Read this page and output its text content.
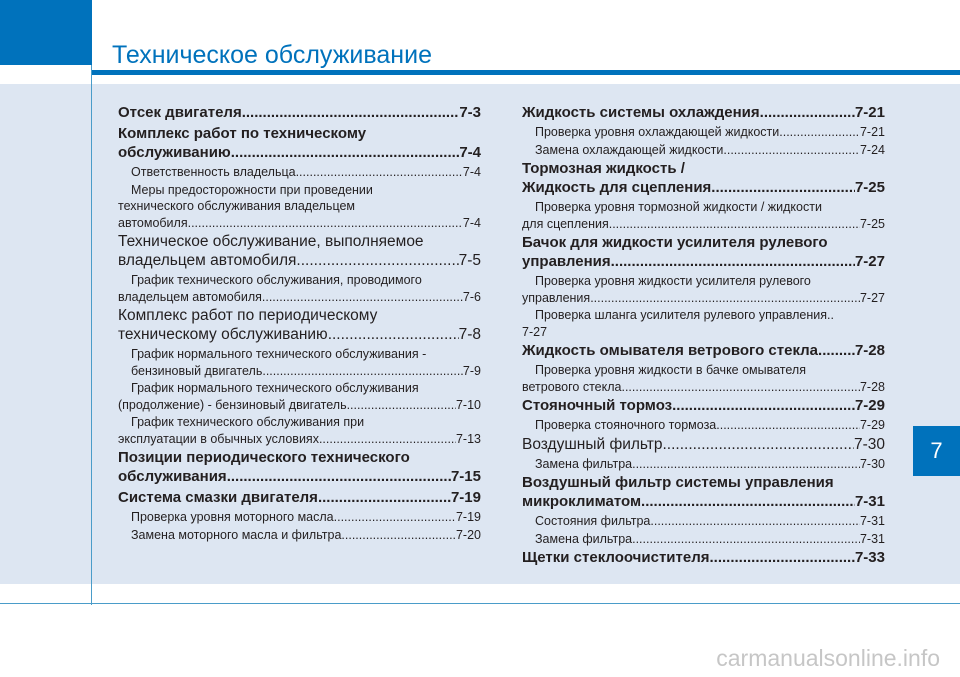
Техническое обслуживание
Отсек двигателя .....	7-3
Комплекс работ по техническому
обслуживанию .....	7-4
Ответственность владельца .....	7-4
Меры предосторожности при проведении
технического обслуживания владельцем
автомобиля .....	7-4
Техническое обслуживание, выполняемое
владельцем автомобиля .....	7-5
График технического обслуживания, проводимого
владельцем автомобиля .....	7-6
Комплекс работ по периодическому
техническому обслуживанию .....	7-8
График нормального технического обслуживания -
бензиновый двигатель .....	7-9
График нормального технического обслуживания
(продолжение) - бензиновый двигатель .....	7-10
График технического обслуживания при
эксплуатации в обычных условиях .....	7-13
Позиции периодического технического
обслуживания .....	7-15
Система смазки двигателя .....	7-19
Проверка уровня моторного масла .....	7-19
Замена моторного масла и фильтра .....	7-20
Жидкость системы охлаждения .....	7-21
Проверка уровня охлаждающей жидкости .....	7-21
Замена охлаждающей жидкости .....	7-24
Тормозная жидкость /
Жидкость для сцепления .....	7-25
Проверка уровня тормозной жидкости / жидкости
для сцепления .....	7-25
Бачок для жидкости усилителя рулевого
управления .....	7-27
Проверка уровня жидкости усилителя рулевого
управления .....	7-27
Проверка шланга усилителя рулевого управления..
7-27
Жидкость омывателя ветрового стекла ..... 7-28
Проверка уровня жидкости в бачке омывателя
ветрового стекла .....	7-28
Стояночный тормоз .....	7-29
Проверка стояночного тормоза .....	7-29
Воздушный фильтр .....	7-30
Замена фильтра .....	7-30
Воздушный фильтр системы управления
микроклиматом .....	7-31
Состояния фильтра .....	7-31
Замена фильтра .....	7-31
Щетки стеклоочистителя .....	7-33
7
carmanualsonline.info
